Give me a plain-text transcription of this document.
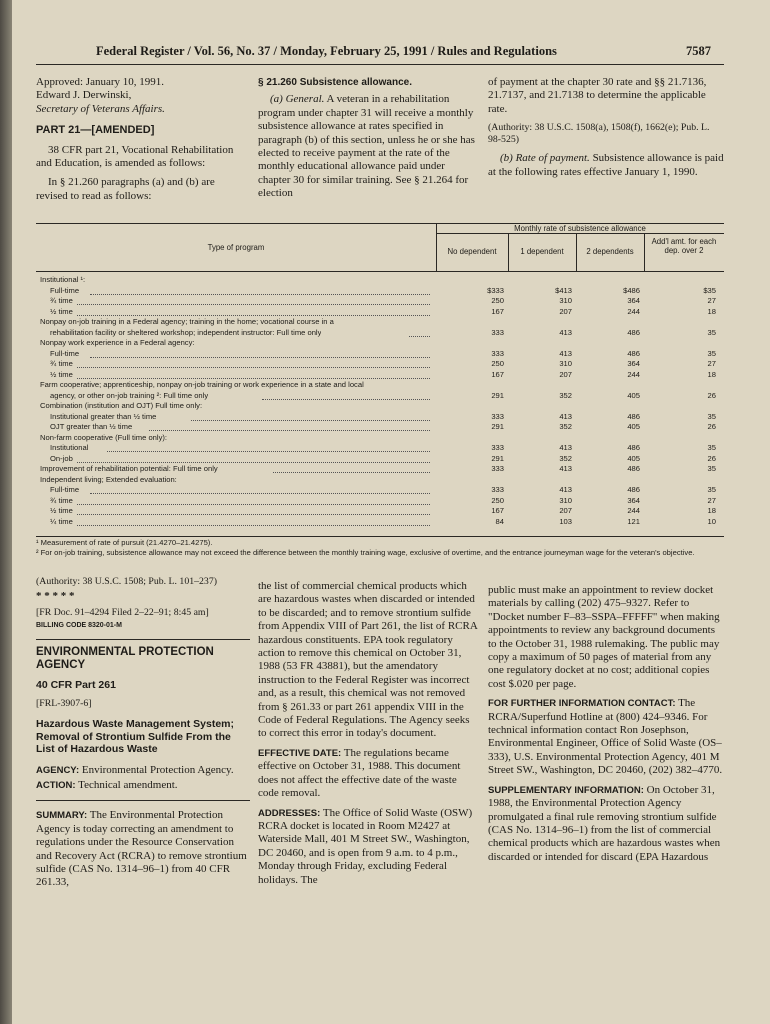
Federal Register / Vol. 56, No. 37 / Monday, February 25, 1991 / Rules and Regulations	7587
Approved: January 10, 1991.
Edward J. Derwinski,
Secretary of Veterans Affairs.
PART 21—[AMENDED]

38 CFR part 21, Vocational Rehabilitation and Education, is amended as follows:

In § 21.260 paragraphs (a) and (b) are revised to read as follows:

§ 21.260 Subsistence allowance.

(a) General. A veteran in a rehabilitation program under chapter 31 will receive a monthly subsistence allowance at rates specified in paragraph (b) of this section, unless he or she has elected to receive payment at the rate of the monthly educational allowance paid under chapter 30 for similar training. See § 21.264 for election

of payment at the chapter 30 rate and §§ 21.7136, 21.7137, and 21.7138 to determine the applicable rate.

(Authority: 38 U.S.C. 1508(a), 1508(f), 1662(e); Pub. L. 98-525)

(b) Rate of payment. Subsistence allowance is paid at the following rates effective January 1, 1990.

Type of program
Monthly rate of subsistence allowance
No dependent	1 dependent	2 dependents
Add'l amt. for each dep. over 2
Institutional ¹:
Full-time	$333	$413	$486	$35
¾ time	250	310	364	27
½ time	167	207	244	18
Nonpay on-job training in a Federal agency; training in the home; vocational course in a
rehabilitation facility or sheltered workshop; independent instructor: Full time only	333	413	486	35
Nonpay work experience in a Federal agency:
Full-time	333	413	486	35
¾ time	250	310	364	27
½ time	167	207	244	18
Farm cooperative; apprenticeship, nonpay on-job training or work experience in a state and local
agency, or other on-job training ²: Full time only	291	352	405	26
Combination (institution and OJT) Full time only:
Institutional greater than ½ time	333	413	486	35
OJT greater than ½ time	291	352	405	26
Non-farm cooperative (Full time only):
Institutional	333	413	486	35
On-job	291	352	405	26
Improvement of rehabilitation potential: Full time only	333	413	486	35
Independent living; Extended evaluation:
Full-time	333	413	486	35
¾ time	250	310	364	27
½ time	167	207	244	18
¼ time	84	103	121	10
¹ Measurement of rate of pursuit (21.4270–21.4275).
² For on-job training, subsistence allowance may not exceed the difference between the monthly training wage, exclusive of overtime, and the entrance journeyman wage for the veteran's objective.

(Authority: 38 U.S.C. 1508; Pub. L. 101–237)

* * * * *
[FR Doc. 91–4294 Filed 2–22–91; 8:45 am]
BILLING CODE 8320-01-M
ENVIRONMENTAL PROTECTION AGENCY
40 CFR Part 261
[FRL-3907-6]
Hazardous Waste Management System; Removal of Strontium Sulfide From the List of Hazardous Waste

AGENCY: Environmental Protection Agency.

ACTION: Technical amendment.

SUMMARY: The Environmental Protection Agency is today correcting an amendment to regulations under the Resource Conservation and Recovery Act (RCRA) to remove strontium sulfide (CAS No. 1314–96–1) from 40 CFR 261.33,

the list of commercial chemical products which are hazardous wastes when discarded or intended to be discarded; and to remove strontium sulfide from Appendix VIII of Part 261, the list of RCRA hazardous constituents. EPA took regulatory action to remove this chemical on October 31, 1988 (53 FR 43881), but the amendatory instruction to the Federal Register was incorrect and, as a result, this chemical was not removed from § 261.33 or part 261 appendix VIII in the Code of Federal Regulations. The Agency seeks to correct this error in today's document.

EFFECTIVE DATE: The regulations became effective on October 31, 1988. This document does not affect the effective date of the waste code removal.

ADDRESSES: The Office of Solid Waste (OSW) RCRA docket is located in Room M2427 at Waterside Mall, 401 M Street SW., Washington, DC 20460, and is open from 9 a.m. to 4 p.m., Monday through Friday, excluding Federal holidays. The

public must make an appointment to review docket materials by calling (202) 475–9327. Refer to "Docket number F–83–SSPA–FFFFF" when making appointments to review any background documents to the October 31, 1988 rulemaking. The public may copy a maximum of 50 pages of material from any one regulatory docket at no cost; additional copies cost $.020 per page.

FOR FURTHER INFORMATION CONTACT: The RCRA/Superfund Hotline at (800) 424–9346. For technical information contact Ron Josephson, Environmental Engineer, Office of Solid Waste (OS–333), U.S. Environmental Protection Agency, 401 M Street SW., Washington, DC 20460, (202) 382–4770.

SUPPLEMENTARY INFORMATION: On October 31, 1988, the Environmental Protection Agency promulgated a final rule removing strontium sulfide (CAS No. 1314–96–1) from the list of commercial chemical products which are hazardous wastes when discarded or intended for discard (EPA Hazardous
